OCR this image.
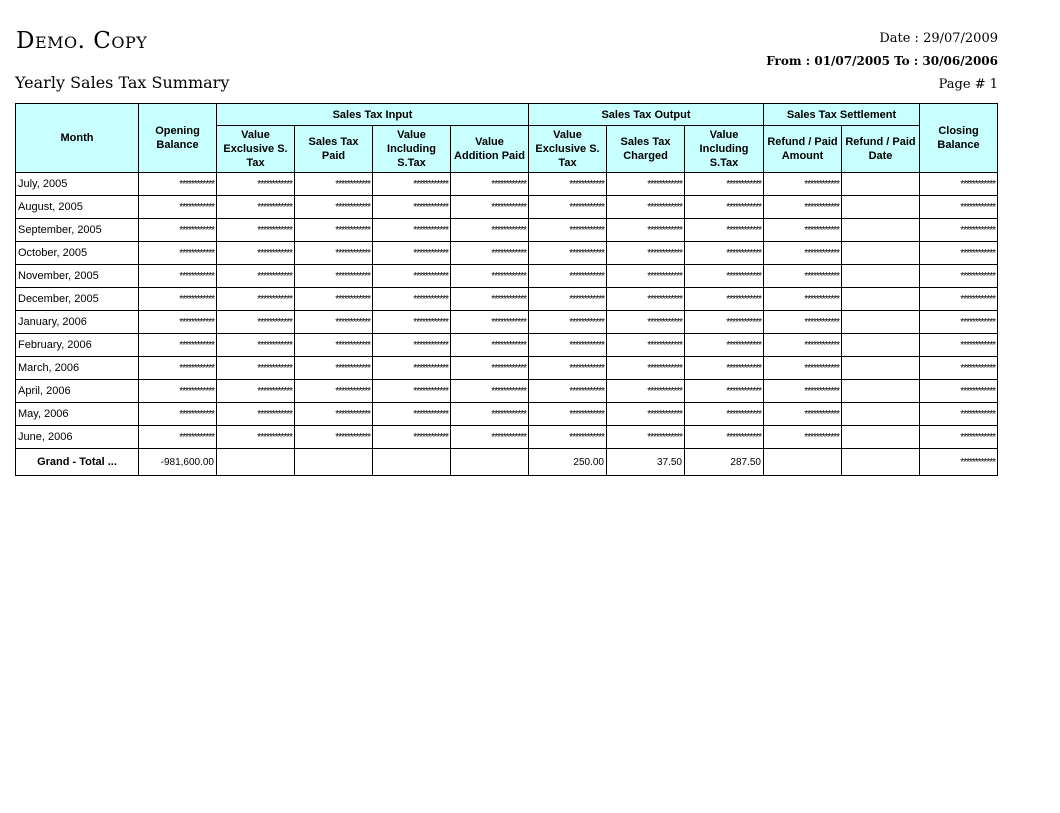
Demo. Copy
Yearly Sales Tax Summary
Date : 29/07/2009
From : 01/07/2005 To : 30/06/2006
Page # 1
Month	Opening Balance	Sales Tax Input				Sales Tax Output			Sales Tax Settlement		Closing Balance
		Value Exclusive S. Tax	Sales Tax Paid	Value Including S.Tax	Value Addition Paid	Value Exclusive S. Tax	Sales Tax Charged	Value Including S.Tax	Refund / Paid Amount	Refund / Paid Date	
July, 2005	************	************	************	************	************	************	************	************	************		************
August, 2005	************	************	************	************	************	************	************	************	************		************
September, 2005	************	************	************	************	************	************	************	************	************		************
October, 2005	************	************	************	************	************	************	************	************	************		************
November, 2005	************	************	************	************	************	************	************	************	************		************
December, 2005	************	************	************	************	************	************	************	************	************		************
January, 2006	************	************	************	************	************	************	************	************	************		************
February, 2006	************	************	************	************	************	************	************	************	************		************
March, 2006	************	************	************	************	************	************	************	************	************		************
April, 2006	************	************	************	************	************	************	************	************	************		************
May, 2006	************	************	************	************	************	************	************	************	************		************
June, 2006	************	************	************	************	************	************	************	************	************		************
Grand - Total ...	-981,600.00					250.00	37.50	287.50			************
